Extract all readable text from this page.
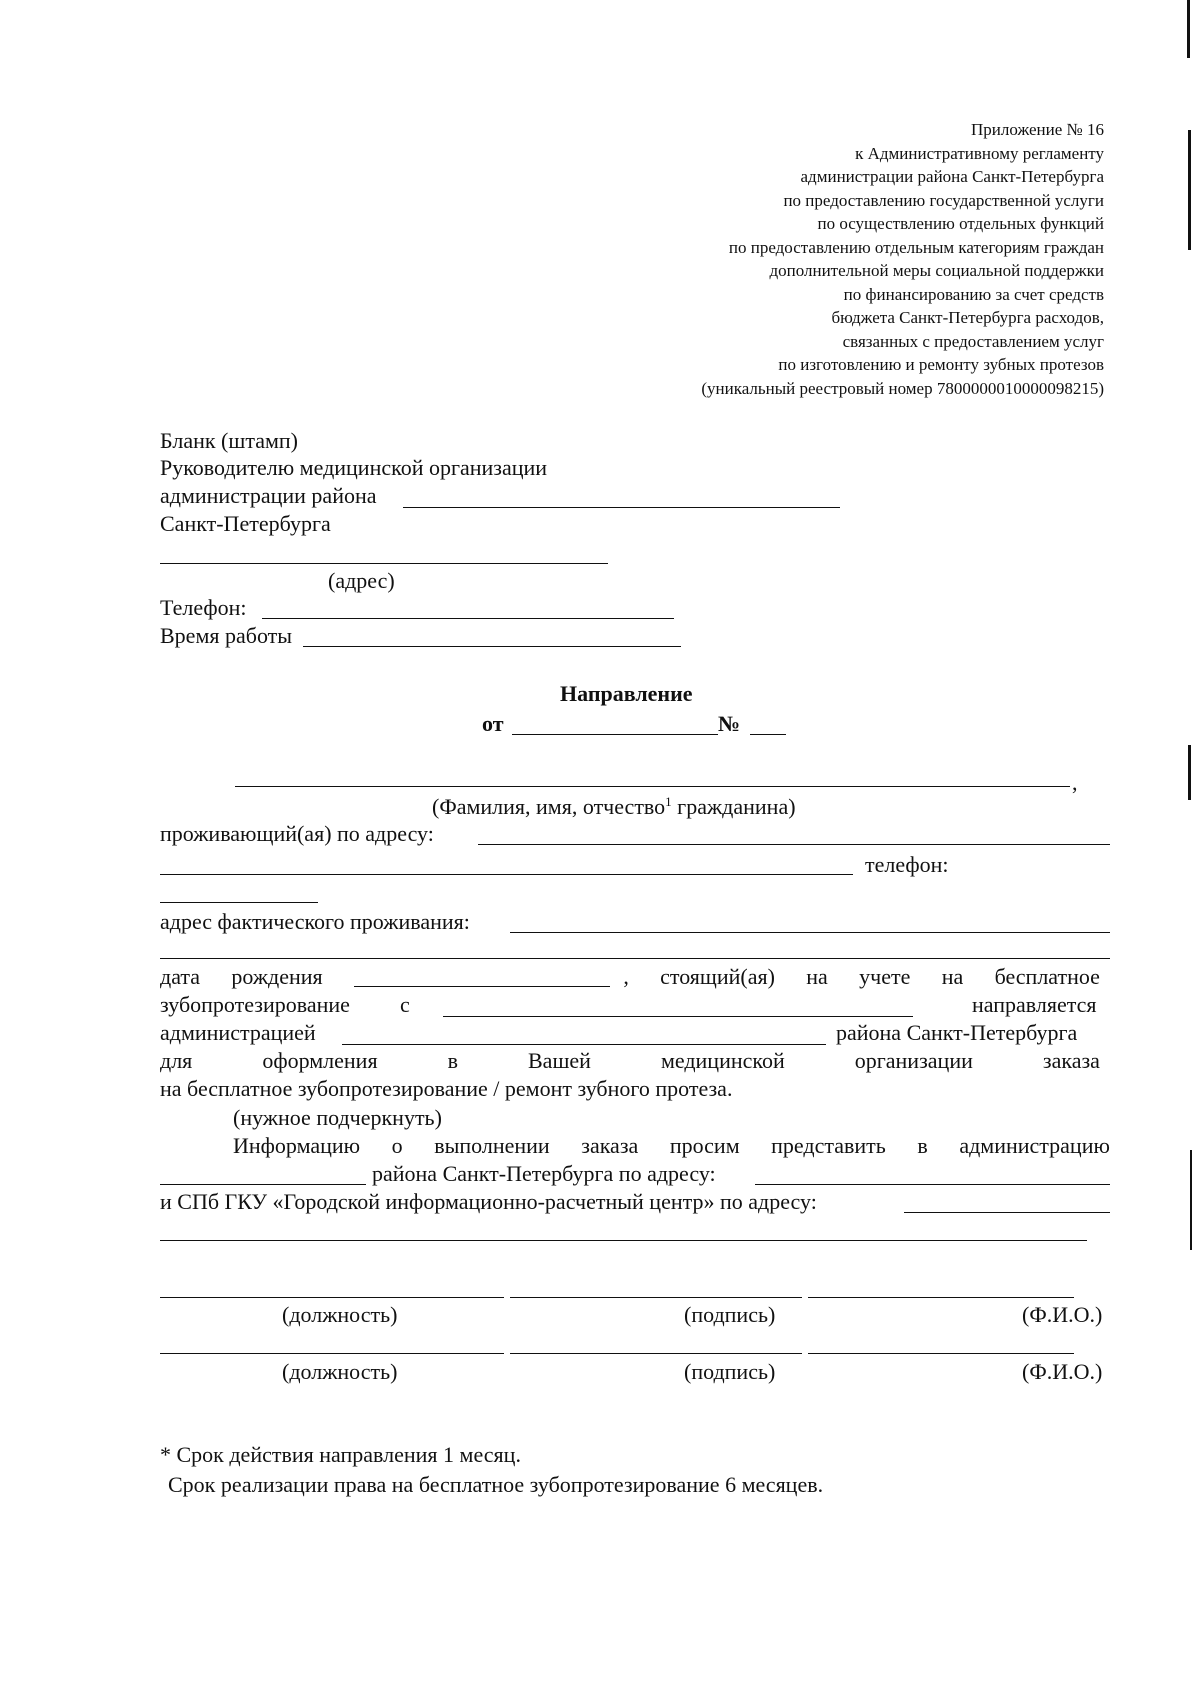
Приложение № 16
к Административному регламенту
администрации района Санкт-Петербурга
по предоставлению государственной услуги
по осуществлению отдельных функций
по предоставлению отдельным категориям граждан
дополнительной меры социальной поддержки
по финансированию за счет средств
бюджета Санкт-Петербурга расходов,
связанных с предоставлением услуг
по изготовлению и ремонту зубных протезов
(уникальный реестровый номер 7800000010000098215)
Бланк (штамп)
Руководителю медицинской организации
администрации района
Санкт-Петербурга
(адрес)
Телефон:
Время работы
Направление
от	№
,
(Фамилия, имя, отчество$^1$ гражданина)
проживающий(ая) по адресу:
телефон:
адрес фактического проживания:
дата рождения	, стоящий(ая) на учете на бесплатное
зубопротезирование с	направляется
администрацией	района Санкт-Петербурга
для	оформления	в	Вашей	медицинской	организации	заказа
на бесплатное зубопротезирование / ремонт зубного протеза.
(нужное подчеркнуть)
Информацию о выполнении заказа просим представить в администрацию
района Санкт-Петербурга по адресу:
и СПб ГКУ «Городской информационно-расчетный центр» по адресу:
(должность)	(подпись)	(Ф.И.О.)
(должность)	(подпись)	(Ф.И.О.)
* Срок действия направления 1 месяц.
Срок реализации права на бесплатное зубопротезирование 6 месяцев.
